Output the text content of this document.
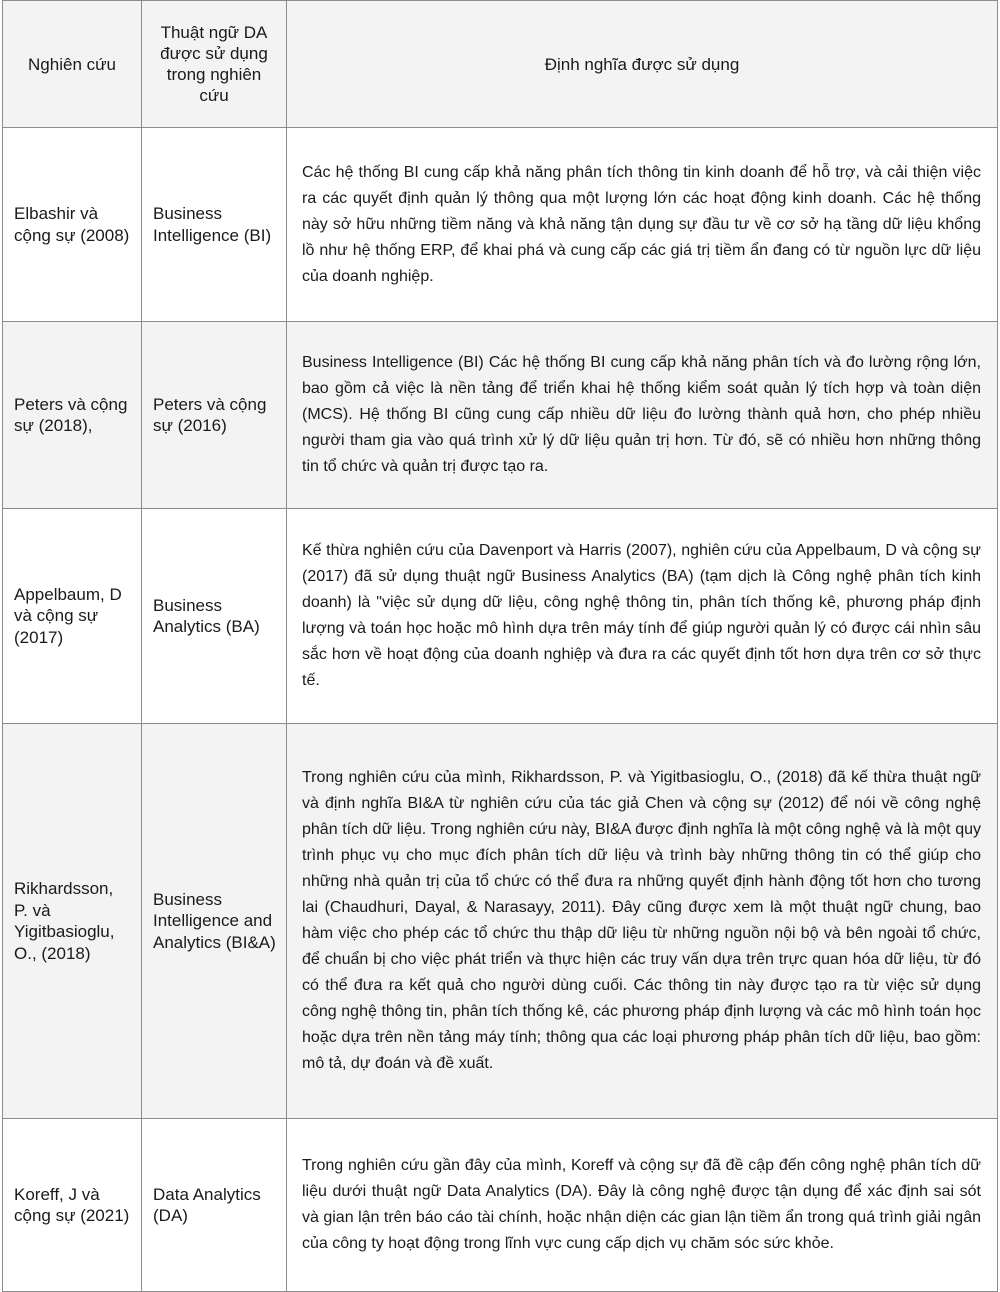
Nghiên cứu	Thuật ngữ DA được sử dụng trong nghiên cứu	Định nghĩa được sử dụng
Elbashir và cộng sự (2008)	Business Intelligence (BI)	Các hệ thống BI cung cấp khả năng phân tích thông tin kinh doanh để hỗ trợ, và cải thiện việc ra các quyết định quản lý thông qua một lượng lớn các hoạt động kinh doanh. Các hệ thống này sở hữu những tiềm năng và khả năng tận dụng sự đầu tư về cơ sở hạ tầng dữ liệu khổng lồ như hệ thống ERP, để khai phá và cung cấp các giá trị tiềm ẩn đang có từ nguồn lực dữ liệu của doanh nghiệp.
Peters và cộng sự (2018),	Peters và cộng sự (2016)	Business Intelligence (BI) Các hệ thống BI cung cấp khả năng phân tích và đo lường rộng lớn, bao gồm cả việc là nền tảng để triển khai hệ thống kiểm soát quản lý tích hợp và toàn diện (MCS). Hệ thống BI cũng cung cấp nhiều dữ liệu đo lường thành quả hơn, cho phép nhiều người tham gia vào quá trình xử lý dữ liệu quản trị hơn. Từ đó, sẽ có nhiều hơn những thông tin tổ chức và quản trị được tạo ra.
Appelbaum, D và cộng sự (2017)	Business Analytics (BA)	Kế thừa nghiên cứu của Davenport và Harris (2007), nghiên cứu của Appelbaum, D và cộng sự (2017) đã sử dụng thuật ngữ Business Analytics (BA) (tạm dịch là Công nghệ phân tích kinh doanh) là "việc sử dụng dữ liệu, công nghệ thông tin, phân tích thống kê, phương pháp định lượng và toán học hoặc mô hình dựa trên máy tính để giúp người quản lý có được cái nhìn sâu sắc hơn về hoạt động của doanh nghiệp và đưa ra các quyết định tốt hơn dựa trên cơ sở thực tế.
Rikhardsson, P. và Yigitbasioglu, O., (2018)	Business Intelligence and Analytics (BI&A)	Trong nghiên cứu của mình, Rikhardsson, P. và Yigitbasioglu, O., (2018) đã kế thừa thuật ngữ và định nghĩa BI&A từ nghiên cứu của tác giả Chen và cộng sự (2012) để nói về công nghệ phân tích dữ liệu. Trong nghiên cứu này, BI&A được định nghĩa là một công nghệ và là một quy trình phục vụ cho mục đích phân tích dữ liệu và trình bày những thông tin có thể giúp cho những nhà quản trị của tổ chức có thể đưa ra những quyết định hành động tốt hơn cho tương lai (Chaudhuri, Dayal, & Narasayy, 2011). Đây cũng được xem là một thuật ngữ chung, bao hàm việc cho phép các tổ chức thu thập dữ liệu từ những nguồn nội bộ và bên ngoài tổ chức, để chuẩn bị cho việc phát triển và thực hiện các truy vấn dựa trên trực quan hóa dữ liệu, từ đó có thể đưa ra kết quả cho người dùng cuối. Các thông tin này được tạo ra từ việc sử dụng công nghệ thông tin, phân tích thống kê, các phương pháp định lượng và các mô hình toán học hoặc dựa trên nền tảng máy tính; thông qua các loại phương pháp phân tích dữ liệu, bao gồm: mô tả, dự đoán và đề xuất.
Koreff, J và cộng sự (2021)	Data Analytics (DA)	Trong nghiên cứu gần đây của mình, Koreff và cộng sự đã đề cập đến công nghệ phân tích dữ liệu dưới thuật ngữ Data Analytics (DA). Đây là công nghệ được tận dụng để xác định sai sót và gian lận trên báo cáo tài chính, hoặc nhận diện các gian lận tiềm ẩn trong quá trình giải ngân của công ty hoạt động trong lĩnh vực cung cấp dịch vụ chăm sóc sức khỏe.
